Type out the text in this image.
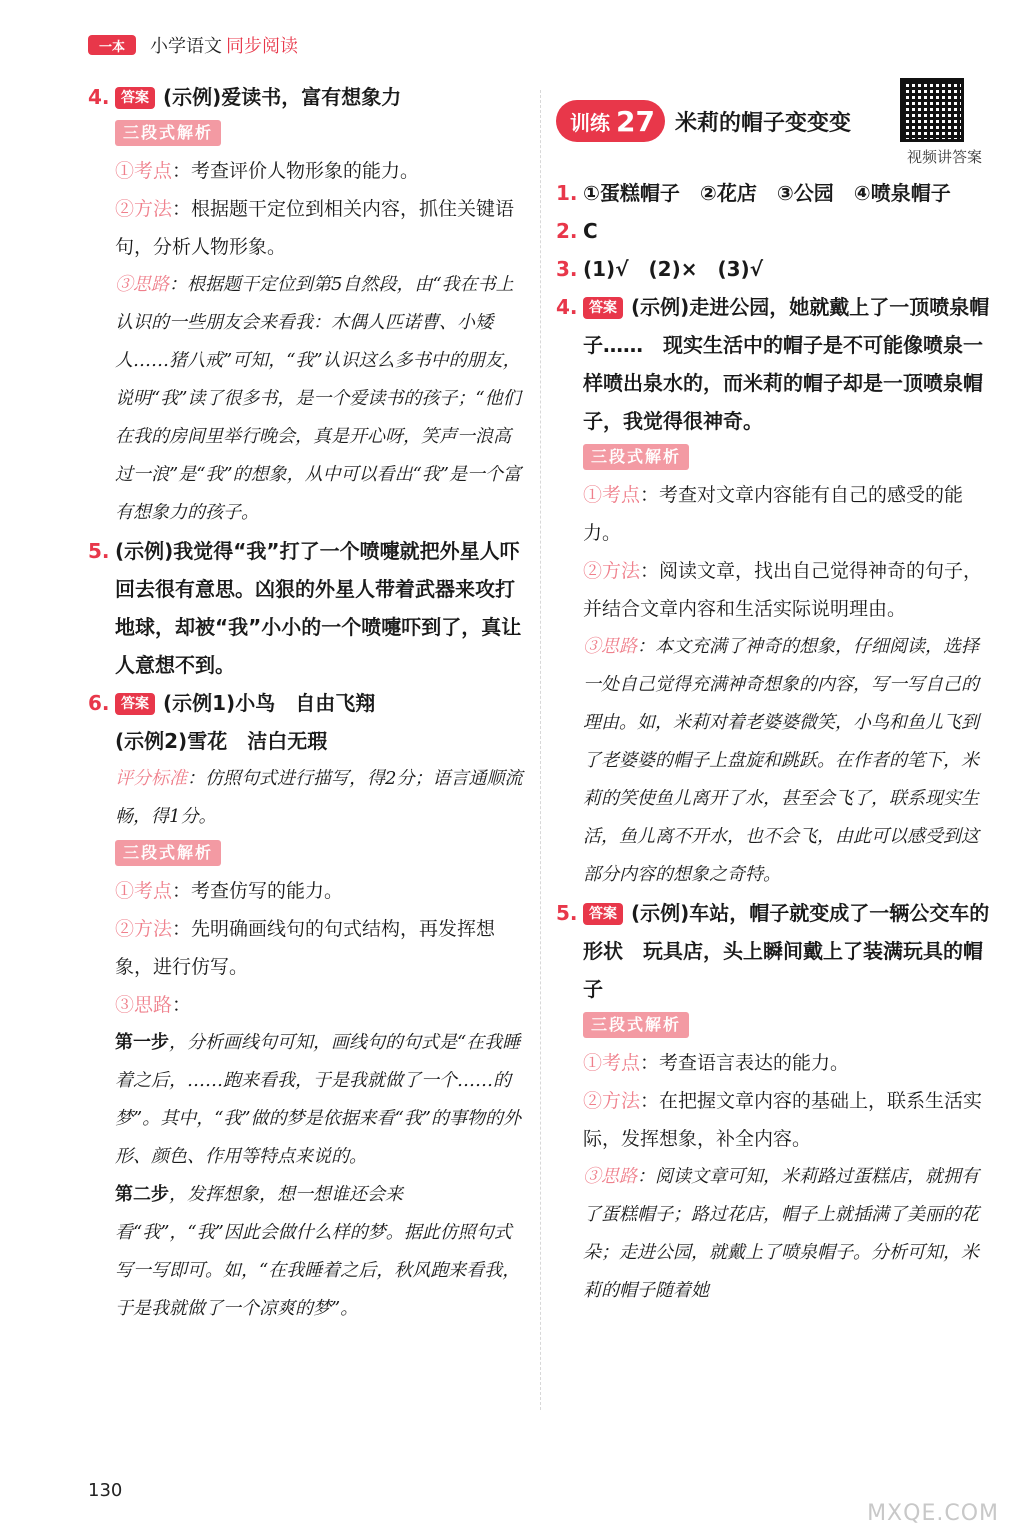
一本	小学语文 同步阅读
4. 答案 (示例)爱读书，富有想象力
三段式解析
①考点：考查评价人物形象的能力。
②方法：根据题干定位到相关内容，抓住关键语句，分析人物形象。
③思路：根据题干定位到第5自然段，由“我在书上认识的一些朋友会来看我：木偶人匹诺曹、小矮人……猪八戒”可知，“我”认识这么多书中的朋友，说明“我”读了很多书，是一个爱读书的孩子；“他们在我的房间里举行晚会，真是开心呀，笑声一浪高过一浪”是“我”的想象，从中可以看出“我”是一个富有想象力的孩子。
5. (示例)我觉得“我”打了一个喷嚏就把外星人吓回去很有意思。凶狠的外星人带着武器来攻打地球，却被“我”小小的一个喷嚏吓到了，真让人意想不到。
6. 答案 (示例1)小鸟　自由飞翔
(示例2)雪花　洁白无瑕
评分标准：仿照句式进行描写，得2分；语言通顺流畅，得1分。
三段式解析
①考点：考查仿写的能力。
②方法：先明确画线句的句式结构，再发挥想象，进行仿写。
③思路：
第一步，分析画线句可知，画线句的句式是“在我睡着之后，……跑来看我，于是我就做了一个……的梦”。其中，“我”做的梦是依据来看“我”的事物的外形、颜色、作用等特点来说的。
第二步，发挥想象，想一想谁还会来看“我”，“我”因此会做什么样的梦。据此仿照句式写一写即可。如，“在我睡着之后，秋风跑来看我，于是我就做了一个凉爽的梦”。
训练 27 米莉的帽子变变变
视频讲答案
1. ①蛋糕帽子　②花店　③公园　④喷泉帽子
2. C
3. (1)√　(2)×　(3)√
4. 答案 (示例)走进公园，她就戴上了一顶喷泉帽子……　现实生活中的帽子是不可能像喷泉一样喷出泉水的，而米莉的帽子却是一顶喷泉帽子，我觉得很神奇。
三段式解析
①考点：考查对文章内容能有自己的感受的能力。
②方法：阅读文章，找出自己觉得神奇的句子，并结合文章内容和生活实际说明理由。
③思路：本文充满了神奇的想象，仔细阅读，选择一处自己觉得充满神奇想象的内容，写一写自己的理由。如，米莉对着老婆婆微笑，小鸟和鱼儿飞到了老婆婆的帽子上盘旋和跳跃。在作者的笔下，米莉的笑使鱼儿离开了水，甚至会飞了，联系现实生活，鱼儿离不开水，也不会飞，由此可以感受到这部分内容的想象之奇特。
5. 答案 (示例)车站，帽子就变成了一辆公交车的形状　玩具店，头上瞬间戴上了装满玩具的帽子
三段式解析
①考点：考查语言表达的能力。
②方法：在把握文章内容的基础上，联系生活实际，发挥想象，补全内容。
③思路：阅读文章可知，米莉路过蛋糕店，就拥有了蛋糕帽子；路过花店，帽子上就插满了美丽的花朵；走进公园，就戴上了喷泉帽子。分析可知，米莉的帽子随着她
130
MXQE.COM
